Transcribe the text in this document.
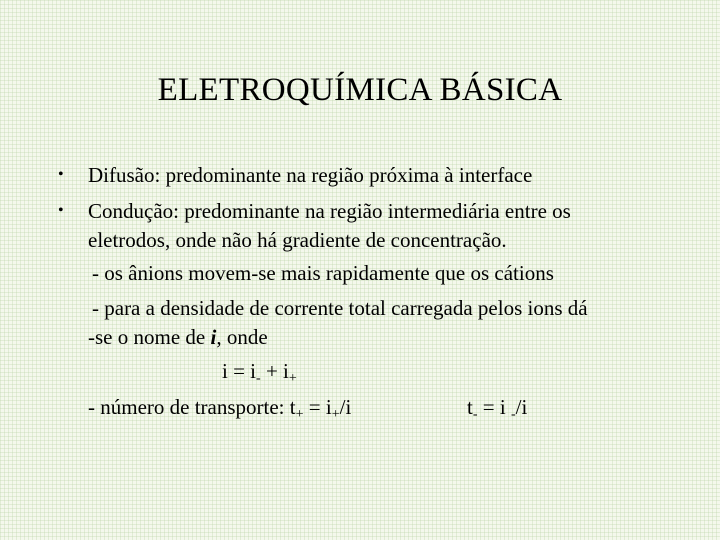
ELETROQUÍMICA BÁSICA
• Difusão: predominante na região próxima à interface
• Condução: predominante na região intermediária entre os
eletrodos, onde não há gradiente de concentração.
- os ânions movem-se mais rapidamente que os cátions
- para a densidade de corrente total carregada pelos ions dá
-se o nome de i, onde
$i = i_- + i_+$
- número de transporte: $t_+ = i_+/i$	$t_- = i$ $_-$/i
